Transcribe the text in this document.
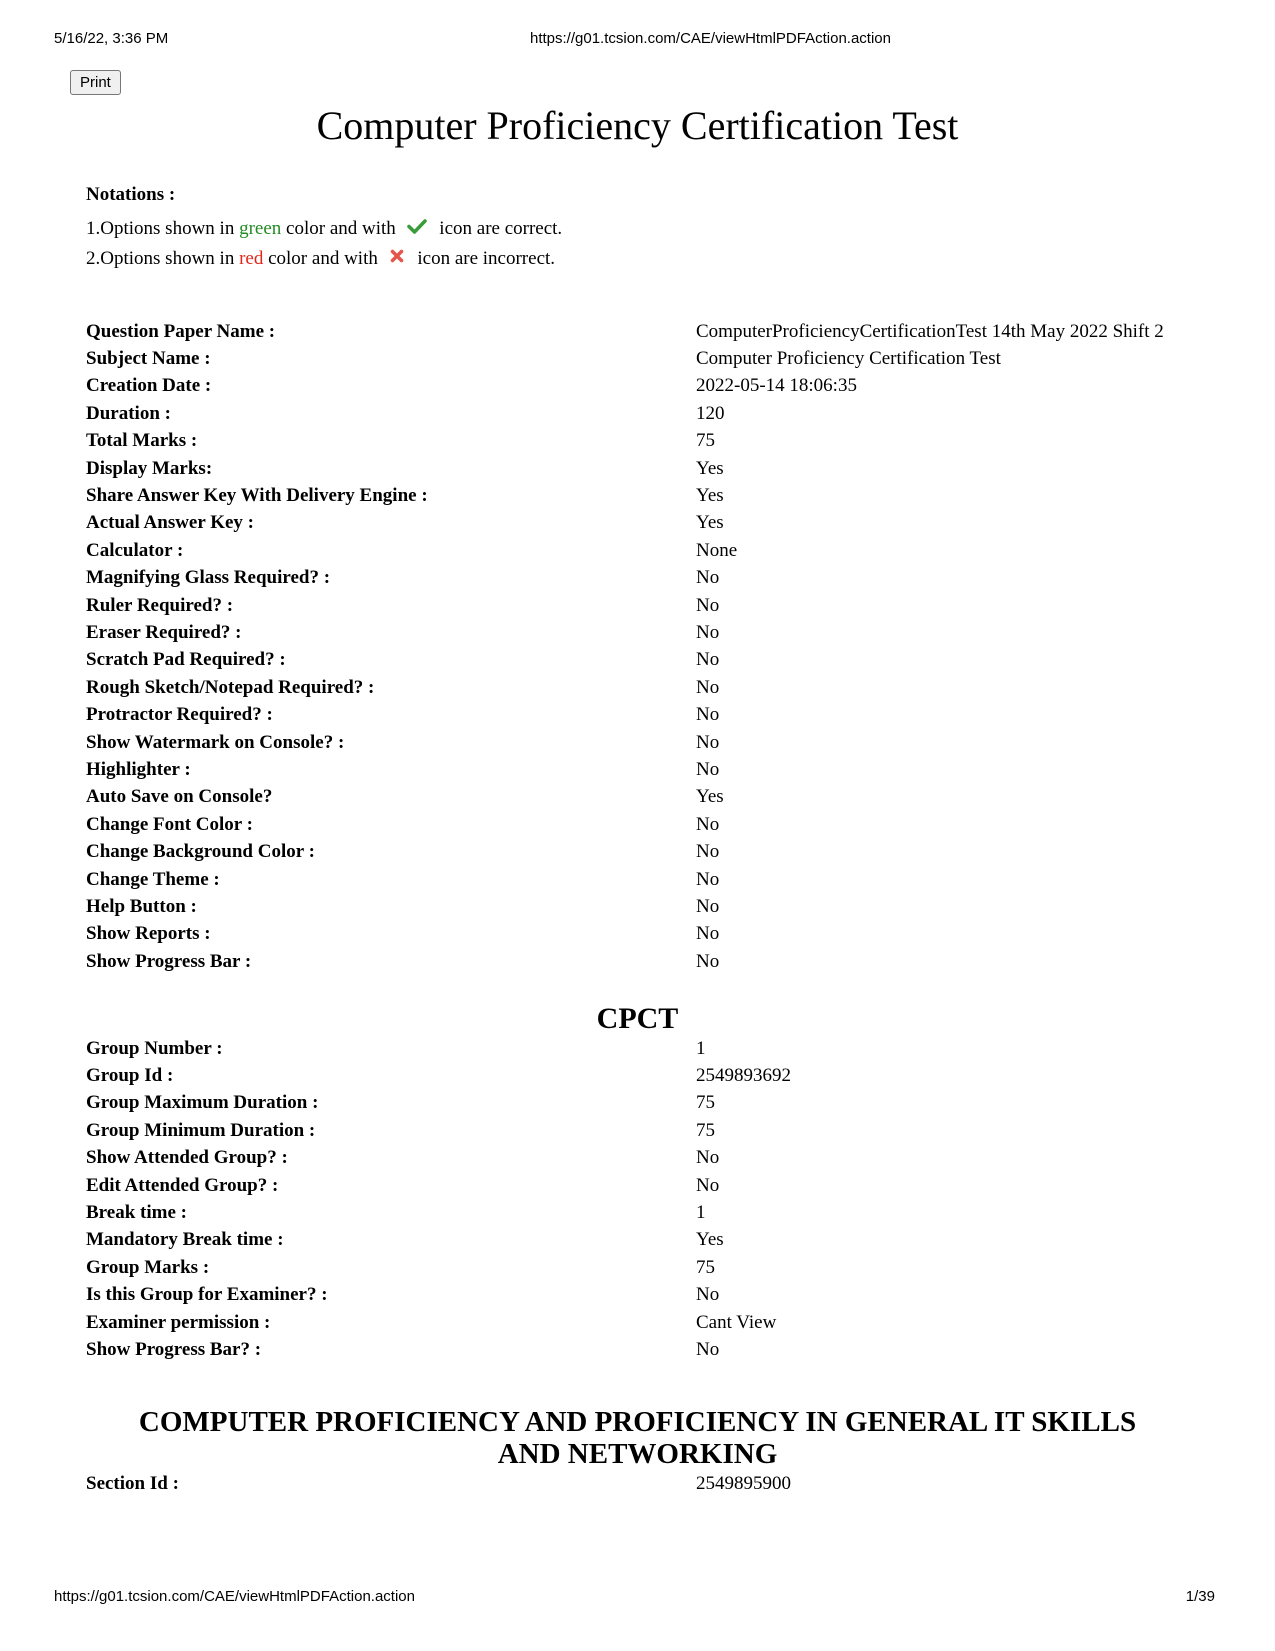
5/16/22, 3:36 PM	https://g01.tcsion.com/CAE/viewHtmlPDFAction.action
Print
Computer Proficiency Certification Test
Notations :
1.Options shown in green color and with icon are correct.
2.Options shown in red color and with icon are incorrect.
Question Paper Name :	ComputerProficiencyCertificationTest 14th May 2022 Shift 2
Subject Name :	Computer Proficiency Certification Test
Creation Date :	2022-05-14 18:06:35
Duration :	120
Total Marks :	75
Display Marks:	Yes
Share Answer Key With Delivery Engine :	Yes
Actual Answer Key :	Yes
Calculator :	None
Magnifying Glass Required? :	No
Ruler Required? :	No
Eraser Required? :	No
Scratch Pad Required? :	No
Rough Sketch/Notepad Required? :	No
Protractor Required? :	No
Show Watermark on Console? :	No
Highlighter :	No
Auto Save on Console?	Yes
Change Font Color :	No
Change Background Color :	No
Change Theme :	No
Help Button :	No
Show Reports :	No
Show Progress Bar :	No
CPCT
Group Number :	1
Group Id :	2549893692
Group Maximum Duration :	75
Group Minimum Duration :	75
Show Attended Group? :	No
Edit Attended Group? :	No
Break time :	1
Mandatory Break time :	Yes
Group Marks :	75
Is this Group for Examiner? :	No
Examiner permission :	Cant View
Show Progress Bar? :	No
COMPUTER PROFICIENCY AND PROFICIENCY IN GENERAL IT SKILLS
AND NETWORKING
Section Id :	2549895900
https://g01.tcsion.com/CAE/viewHtmlPDFAction.action	1/39
